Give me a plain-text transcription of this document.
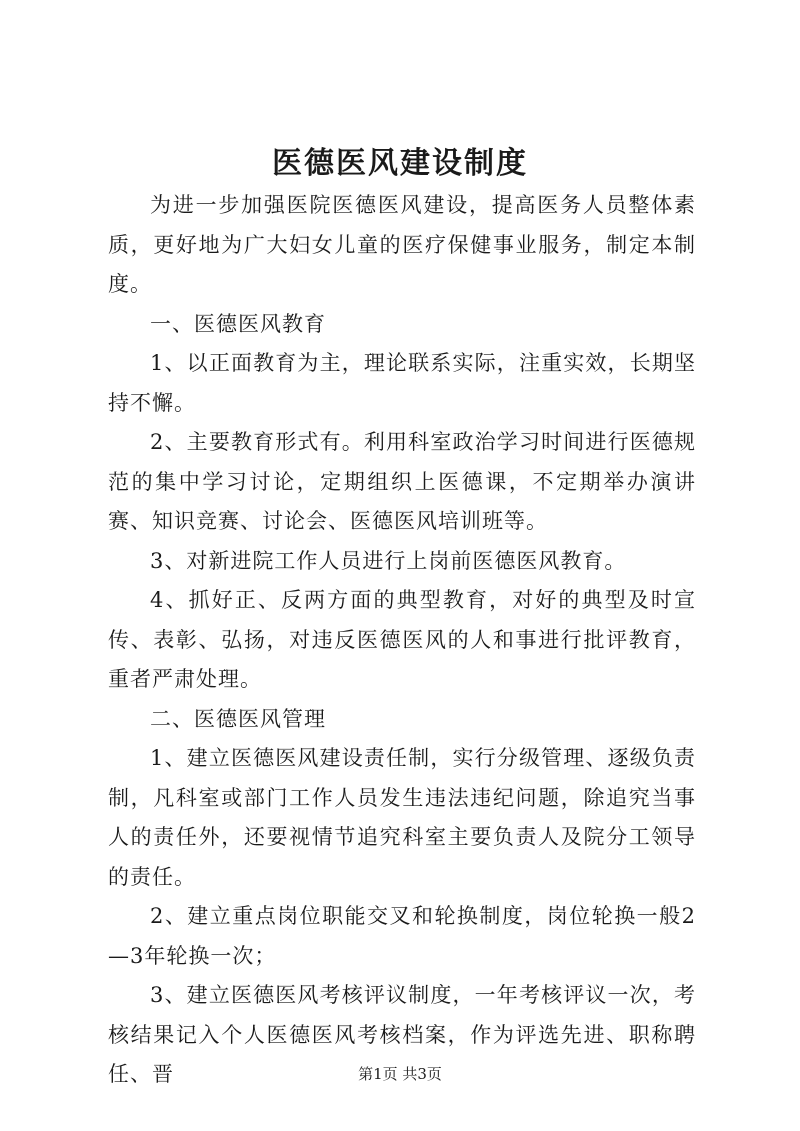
医德医风建设制度

为进一步加强医院医德医风建设，提高医务人员整体素质，更好地为广大妇女儿童的医疗保健事业服务，制定本制度。

一、医德医风教育

1、以正面教育为主，理论联系实际，注重实效，长期坚持不懈。

2、主要教育形式有。利用科室政治学习时间进行医德规范的集中学习讨论，定期组织上医德课，不定期举办演讲赛、知识竞赛、讨论会、医德医风培训班等。

3、对新进院工作人员进行上岗前医德医风教育。

4、抓好正、反两方面的典型教育，对好的典型及时宣传、表彰、弘扬，对违反医德医风的人和事进行批评教育，重者严肃处理。

二、医德医风管理

1、建立医德医风建设责任制，实行分级管理、逐级负责制，凡科室或部门工作人员发生违法违纪问题，除追究当事人的责任外，还要视情节追究科室主要负责人及院分工领导的责任。

2、建立重点岗位职能交叉和轮换制度，岗位轮换一般2—3年轮换一次；

3、建立医德医风考核评议制度，一年考核评议一次，考核结果记入个人医德医风考核档案，作为评选先进、职称聘任、晋	第1页 共3页
